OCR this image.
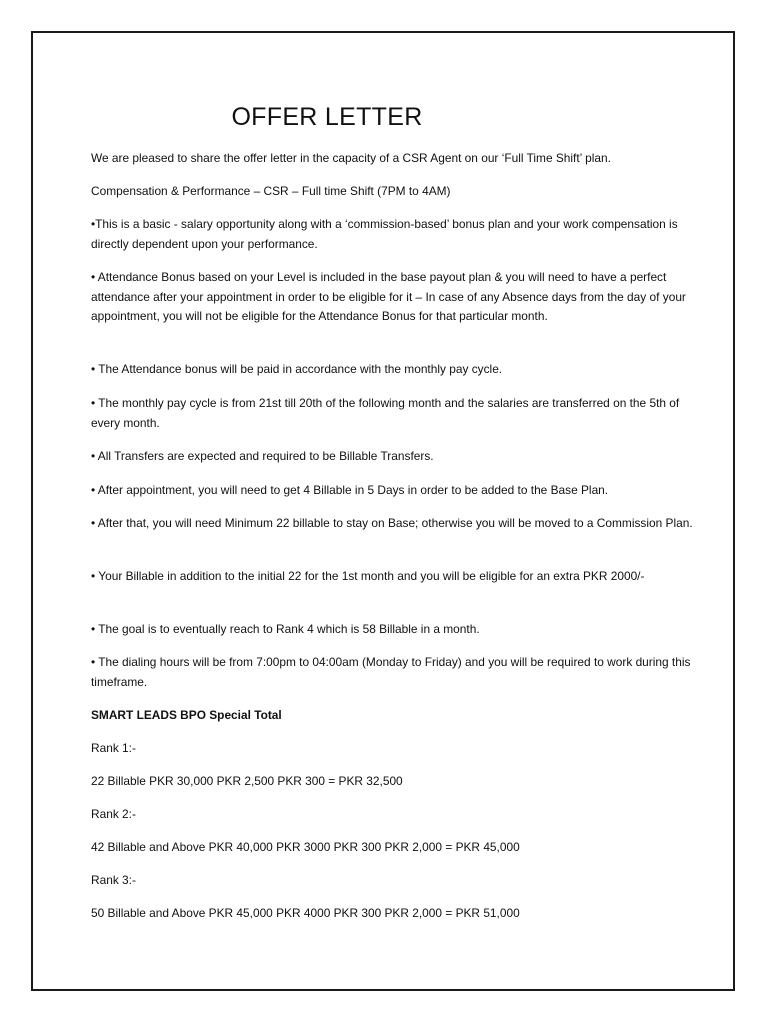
OFFER LETTER

We are pleased to share the offer letter in the capacity of a CSR Agent on our ‘Full Time Shift’ plan.

Compensation & Performance – CSR – Full time Shift (7PM to 4AM)

•This is a basic - salary opportunity along with a ‘commission-based’ bonus plan and your work compensation is directly dependent upon your performance.

• Attendance Bonus based on your Level is included in the base payout plan & you will need to have a perfect attendance after your appointment in order to be eligible for it – In case of any Absence days from the day of your appointment, you will not be eligible for the Attendance Bonus for that particular month.

• The Attendance bonus will be paid in accordance with the monthly pay cycle.

• The monthly pay cycle is from 21st till 20th of the following month and the salaries are transferred on the 5th of every month.

• All Transfers are expected and required to be Billable Transfers.

• After appointment, you will need to get 4 Billable in 5 Days in order to be added to the Base Plan.

• After that, you will need Minimum 22 billable to stay on Base; otherwise you will be moved to a Commission Plan.

• Your Billable in addition to the initial 22 for the 1st month and you will be eligible for an extra PKR 2000/-

• The goal is to eventually reach to Rank 4 which is 58 Billable in a month.

• The dialing hours will be from 7:00pm to 04:00am (Monday to Friday) and you will be required to work during this timeframe.

SMART LEADS BPO Special Total

Rank 1:-

22 Billable PKR 30,000 PKR 2,500 PKR 300 = PKR 32,500

Rank 2:-

42 Billable and Above PKR 40,000 PKR 3000 PKR 300 PKR 2,000 = PKR 45,000

Rank 3:-

50 Billable and Above PKR 45,000 PKR 4000 PKR 300 PKR 2,000 = PKR 51,000
